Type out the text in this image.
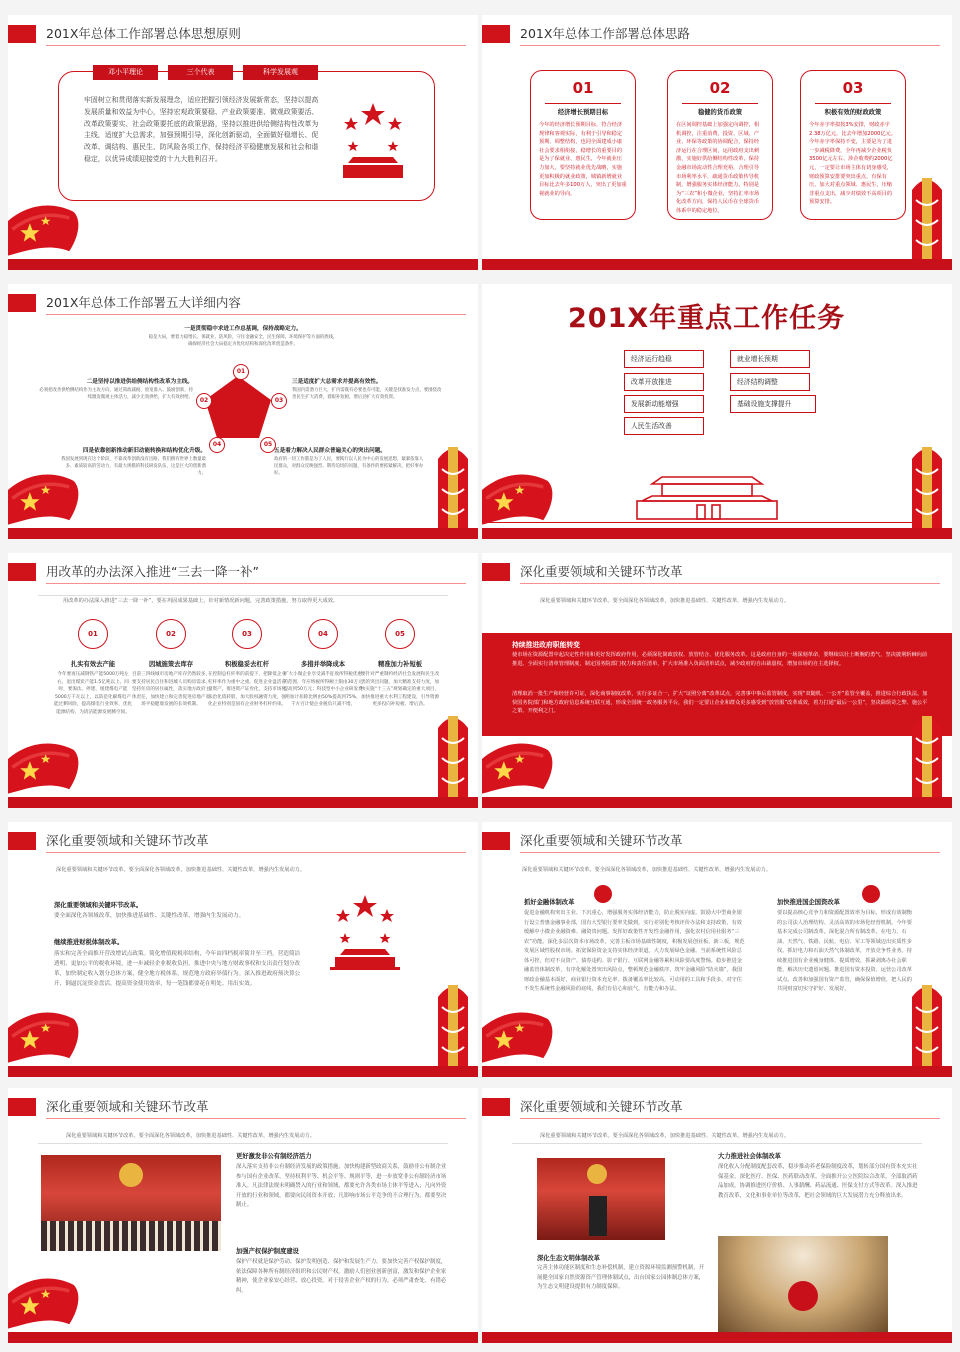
201X年总体工作部署总体思想原则
邓小平理论	三个代表	科学发展观
牢固树立和贯彻落实新发展理念，适应把握引领经济发展新常态，坚持以提高发展质量和效益为中心，坚持宏观政策要稳、产业政策要准、微观政策要活、改革政策要实、社会政策要托底的政策思路，坚持以推进供给侧结构性改革为主线，适度扩大总需求，加强预期引导，深化创新驱动，全面做好稳增长、促改革、调结构、惠民生、防风险各项工作，保持经济平稳健康发展和社会和谐稳定，以优异成绩迎接党的十九大胜利召开。
201X年总体工作部署总体思路
01
经济增长预期目标
今年的经济增长预期目标，符合经济规律和客观实际，有利于引导和稳定预期、调整结构，也同全面建成小康社会要求相衔接，稳增长的重要目的是为了保就业、惠民生，今年就业压力加大，要坚持就业优先战略，实施更加积极的就业政策，城镇新增就业目标比去年多100万人，突出了更加重视就业的导向。
02
稳健的货币政策
在区间调控基础上加强定向调控、相机调控，注重消费、投资、区域、产业、环保等政策的协调配合，保持经济运行在合理区间，运用政府支出刺激，实施好供给侧结构性改革，保持金融市场流动性合理充裕，合理引导市场利率水平，疏通货币政策传导机制，增强服务实体经济能力，特别是为“三农”和小微企业，坚持汇率市场化改革方向，保持人民币在全球货币体系中的稳定地位。
03
积极有效的财政政策
今年赤字率拟按3%安排，财政赤字2.38万亿元，比去年增加2000亿元。今年赤字率保持不变，主要是为了进一步减税降费，全年再减少企业税负3500亿元左右、涉企收费约2000亿元，一定要让市场主体有切身感受，财政预算安排要突出重点，有保有压，加大对重点领域、惠民生、压缩非重点支出，减少对绩效不高项目的预算安排。
201X年总体工作部署五大详细内容
01
02	03
04	05
一是贯彻稳中求进工作总基调，保持战略定力。
稳是大局，要着力稳增长、保就业、防风险，守住金融安全，民生保障、环境保护等方面的底线，确保经济社会大局稳定为优化结构和深化改革创造条件。
二是坚持以推进供给侧结构性改革为主线。
必须把改善供给侧结构作为主攻方向，通过简政减税、放宽准入、鼓励创新，持续激发微观主体活力，减少无效供给，扩大有效供给。
三是适度扩大总需求并提高有效性。
我国内需潜力巨大，扩内需既有必要也有可能，关键是找准发力点，要围绕改善民生扩大消费，着眼补短板，增后劲扩大有效投资。
四是依靠创新推动新旧动能转换和结构优化升级。
我国发展到现在这个阶段，不靠改革创新没有出路。我们拥有世界上数量最多、素质较高的劳动力，有最大规模的科技研发队伍，这是巨大的创新潜力。
五是着力解决人民群众普遍关心的突出问题。
政府的一切工作都是为了人民，要践行以人民为中心的发展思想，紧紧依靠人民群众，对群众反映强烈、期待迫切的问题，有条件的要抓紧解决，把好事办好。
201X年重点工作任务
经济运行趋稳	就业增长预期
改革开放推进	经济结构调整
发展新动能增强	基础设施支撑提升
人民生活改善
用改革的办法深入推进“三去一降一补”
用改革的办法深入推进“三去一降一补”，要在巩固成果基础上，针对新情况新问题，完善政策措施，努力取得更大成效。
01
扎实有效去产能
今年要再压减钢铁产能5000万吨左右，退出煤炭产能1.5亿吨以上。同时，要淘汰、停建、缓建煤电产能5000万千瓦以上，以防范化解煤电产能过剩风险，提高煤电行业效率，优化能源结构，为清洁能源发展腾空间。
02
因城施策去库存
目前三四线城市房地产库存仍然较多，要支持居民自住和进城人员购房需求。坚持住房的居住属性，落实地方政府主体责任，加快建立和完善促进房地产市场平稳健康发展的长效机制。
03
积极稳妥去杠杆
在控制总杠杆率的前提下，把降低企业杠杆率作为重中之重。促进企业盘活存量资产，推进资产证券化，支持市场化法治化债转股，加大股权融资力度，强化企业特别是国有企业财务杠杆约束。
04
多措并举降成本
扩大小微企业享受减半征收所得税优惠的范围，年应纳税所得额上限由30万元提高到50万元；科技型中小企业研发费用加计扣除比例由50%提高到75%，千方百计使企业税负只减不增。
05
精准加力补短板
要针对严重制约经济社会发展和民生改善的突出问题，加大精准支持力度，加快实施“十三五”规划确定的重大项目，加快推进重大水利工程建设，引导资源更多投向补短板、增后劲。
深化重要领域和关键环节改革
深化重要领域和关键环节改革。要全面深化各领域改革，加快推进基础性、关键性改革，增强内生发展动力。
持续推进政府职能转变
使市场在资源配置中起决定性作用和更好发挥政府作用，必须深化简政放权、放管结合、优化服务改革。这是政府自身的一场深刻革命，要继续以壮士断腕的勇气，坚决披荆斩棘向前推进。全面实行清单管理制度，制定国务院部门权力和责任清单，扩大市场准入负面清单试点，减少政府的自由裁量权，增加市场的自主选择权。
清理取消一批生产和经营许可证，深化商事制度改革，实行多证合一，扩大“证照分离”改革试点，完善事中事后监管制度，实现“双随机、一公开”监管全覆盖，推进综合行政执法。加快国务院部门和地方政府信息系统互联互通，形成全国统一政务服务平台，我们一定要让企业和群众更多感受到“放管服”改革成效，着力打通“最后一公里”，坚决除烦苛之弊、施公平之策、开便利之门。
深化重要领域和关键环节改革
深化重要领域和关键环节改革。要全面深化各领域改革，加快推进基础性、关键性改革，增强内生发展动力。
深化重要领域和关键环节改革。
要全面深化各领域改革，加快推进基础性、关键性改革，增强内生发展动力。
继续推进财税体制改革。
落实和完善全面推开营改增试点政策。简化增值税税率结构，今年由四档税率简并至三档，营造简洁透明、更加公平的税收环境，进一步减轻企业税收负担。推进中央与地方财政事权和支出责任划分改革，加快制定收入划分总体方案，健全地方税体系，规范地方政府举债行为。深入推进政府预决算公开，倒逼沉淀资金盘活，提高资金使用效率，每一笔钱都要花在明处、用出实效。
深化重要领域和关键环节改革
深化重要领域和关键环节改革。要全面深化各领域改革，加快推进基础性、关键性改革，增强内生发展动力。
抓好金融体制改革
促进金融机构突出主业、下沉重心，增强服务实体经济能力，防止脱实向虚。鼓励大中型商业银行设立普惠金融事业部，国有大型银行要率先做到，实行差别化考核评价办法和支持政策，有效缓解中小微企业融资难、融资贵问题。发挥好政策性开发性金融作用，强化农村信用社服务“三农”功能。深化多层次资本市场改革，完善主板市场基础性制度，积极发展创业板、新三板，规范发展区域性股权市场。拓宽保险资金支持实体经济渠道。大力发展绿色金融。当前系统性风险总体可控，但对不良资产、债券违约、影子银行、互联网金融等累积风险要高度警惕。稳步推进金融监管体制改革，有序化解处置突出风险点，整顿规范金融秩序，筑牢金融风险“防火墙”。我国财政金融基本面好，商业银行资本充足率、拨备覆盖率比较高，可动用的工具和手段多，对守住不发生系统性金融风险的底线，我们有信心和底气，有能力和办法。
加快推进国企国资改革
要以提高核心竞争力和资源配置效率为目标，形成有效制衡的公司法人治理结构、灵活高效的市场化经营机制。今年要基本完成公司制改革。深化混合所有制改革，在电力、石油、天然气、铁路、民航、电信、军工等领域迈出实质性步伐。抓好电力和石油天然气体制改革，开放竞争性业务。持续推进国有企业瘦身健体、提质增效，抓紧剥离办社会职能，解决历史遗留问题。推进国有资本投资、运营公司改革试点。改善和加强国有资产监管，确保保值增值，把人民的共同财富切实守护好、发展好。
深化重要领域和关键环节改革
深化重要领域和关键环节改革。要全面深化各领域改革，加快推进基础性、关键性改革，增强内生发展动力。
更好激发非公有制经济活力
深入落实支持非公有制经济发展的政策措施，加快构建新型政商关系，鼓励非公有制企业参与国有企业改革，坚持权利平等、机会平等、规则平等，进一步放宽非公有制经济市场准入。凡法律法规未明确禁入的行业和领域，都要允许各类市场主体平等进入；凡向外资开放的行业和领域，都要向民间资本开放；凡影响市场公平竞争的不合理行为，都要坚决制止。
加强产权保护制度建设
保护产权就是保护劳动、保护发明创造、保护和发展生产力。要加快完善产权保护制度，依法保障各种所有制经济组织和公民财产权。激励人们创业创新创富，激发和保护企业家精神，使企业家安心经营、放心投资。对于侵害企业产权的行为，必须严肃查处、有错必纠。
深化重要领域和关键环节改革
深化重要领域和关键环节改革。要全面深化各领域改革，加快推进基础性、关键性改革，增强内生发展动力。
深化生态文明体制改革
完善主体功能区制度和生态补偿机制，建立资源环境监测预警机制，开展健全国家自然资源资产管理体制试点，出台国家公园体制总体方案，为生态文明建设提供有力制度保障。
大力推进社会体制改革
深化收入分配制度配套改革，稳步推动养老保险制度改革，划转部分国有资本充实社保基金。深化医疗、医保、医药联动改革。全面推开公立医院综合改革，全部取消药品加成，协调推进医疗价格、人事薪酬、药品流通、医保支付方式等改革。深入推进教育改革，文化和事业单位等改革，把社会领域的巨大发展潜力充分释放出来。
